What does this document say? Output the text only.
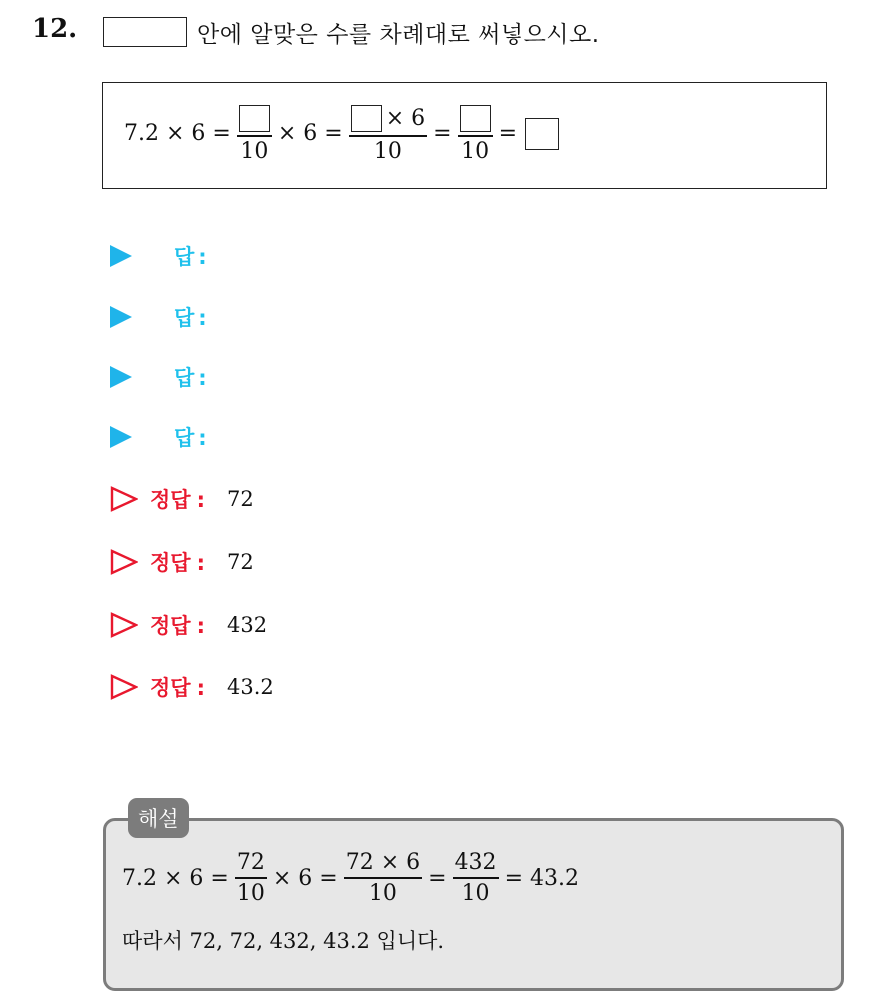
12.	안에 알맞은 수를 차례대로 써넣으시오.
7.2 × 6 =
10
× $6 = \frac{\times 6}{10}$ =
10
=
답 :
답 :
답 :
답 :
정답 : 72
정답 : 72
정답 : 432
정답 : 43.2
해설
$7.2 \times 6 = \frac{72}{10} \times 6 = \frac{72 \times 6}{10} = \frac{432}{10} = 43.2$
따라서 72, 72, 432, 43.2 입니다.
